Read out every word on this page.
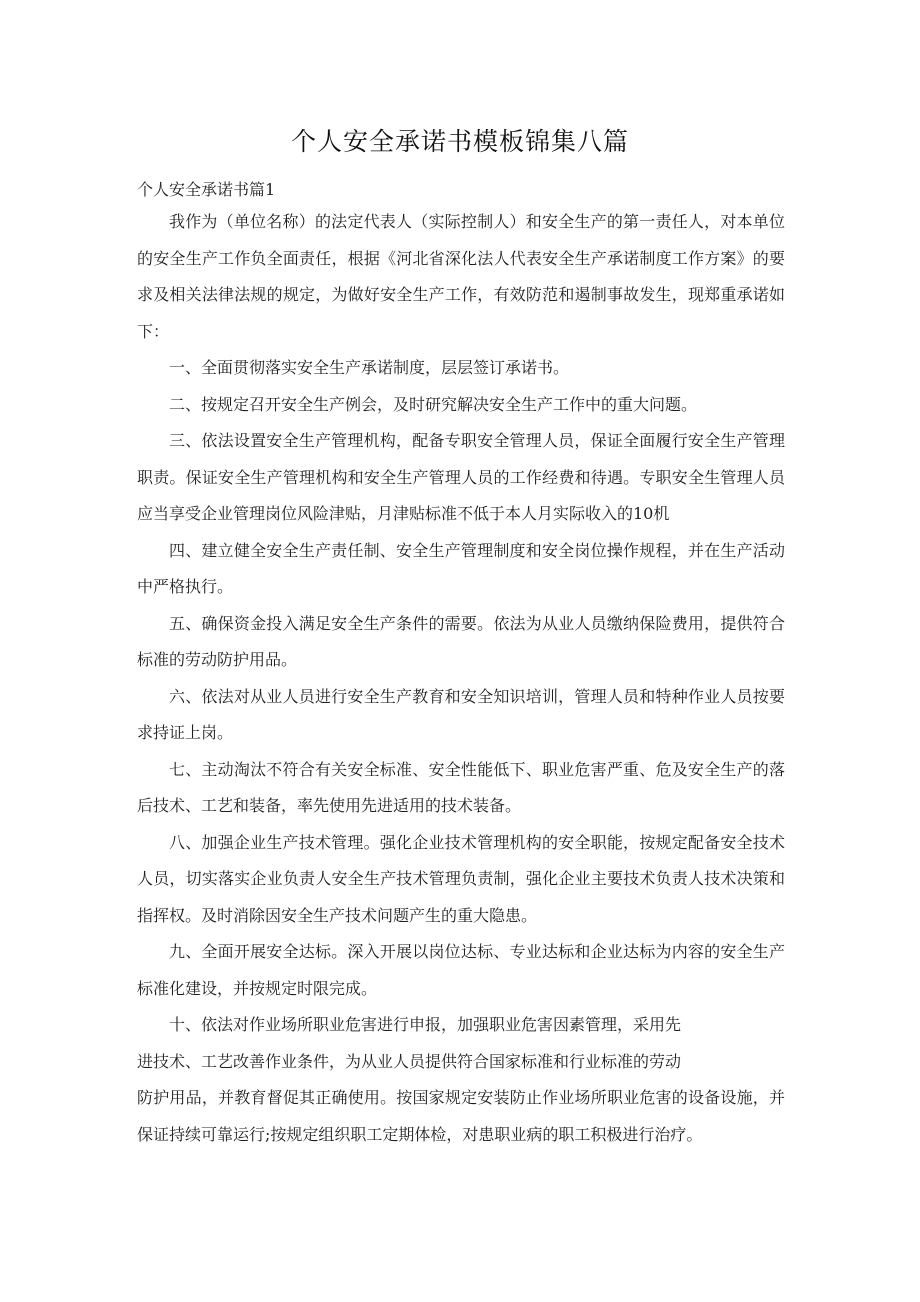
个人安全承诺书模板锦集八篇

个人安全承诺书篇1

我作为（单位名称）的法定代表人（实际控制人）和安全生产的第一责任人，对本单位的安全生产工作负全面责任，根据《河北省深化法人代表安全生产承诺制度工作方案》的要求及相关法律法规的规定，为做好安全生产工作，有效防范和遏制事故发生，现郑重承诺如下：

一、全面贯彻落实安全生产承诺制度，层层签订承诺书。

二、按规定召开安全生产例会，及时研究解决安全生产工作中的重大问题。

三、依法设置安全生产管理机构，配备专职安全管理人员，保证全面履行安全生产管理职责。保证安全生产管理机构和安全生产管理人员的工作经费和待遇。专职安全生管理人员应当享受企业管理岗位风险津贴，月津贴标准不低于本人月实际收入的10机

四、建立健全安全生产责任制、安全生产管理制度和安全岗位操作规程，并在生产活动中严格执行。

五、确保资金投入满足安全生产条件的需要。依法为从业人员缴纳保险费用，提供符合标准的劳动防护用品。

六、依法对从业人员进行安全生产教育和安全知识培训，管理人员和特种作业人员按要求持证上岗。

七、主动淘汰不符合有关安全标准、安全性能低下、职业危害严重、危及安全生产的落后技术、工艺和装备，率先使用先进适用的技术装备。

八、加强企业生产技术管理。强化企业技术管理机构的安全职能，按规定配备安全技术人员，切实落实企业负责人安全生产技术管理负责制，强化企业主要技术负责人技术决策和指挥权。及时消除因安全生产技术问题产生的重大隐患。

九、全面开展安全达标。深入开展以岗位达标、专业达标和企业达标为内容的安全生产标准化建设，并按规定时限完成。

十、依法对作业场所职业危害进行申报，加强职业危害因素管理，采用先

进技术、工艺改善作业条件，为从业人员提供符合国家标准和行业标准的劳动

防护用品，并教育督促其正确使用。按国家规定安装防止作业场所职业危害的设备设施，并保证持续可靠运行;按规定组织职工定期体检，对患职业病的职工积极进行治疗。
